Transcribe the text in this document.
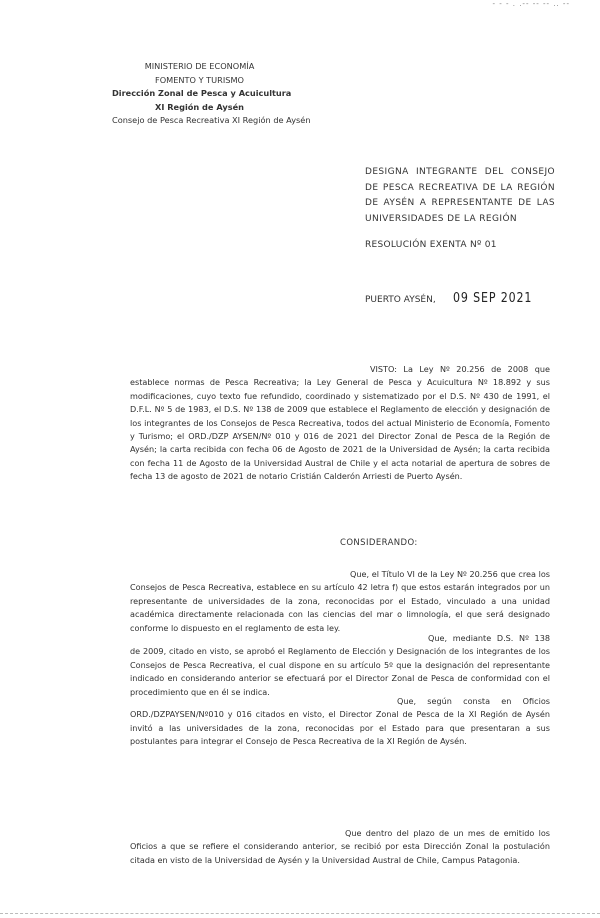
- - - . .-- -- -- .. --
MINISTERIO DE ECONOMÍA
FOMENTO Y TURISMO
Dirección Zonal de Pesca y Acuicultura
XI Región de Aysén
Consejo de Pesca Recreativa XI Región de Aysén
DESIGNA INTEGRANTE DEL CONSEJO DE PESCA RECREATIVA DE LA REGIÓN DE AYSÉN A REPRESENTANTE DE LAS UNIVERSIDADES DE LA REGIÓN
RESOLUCIÓN EXENTA Nº 01
PUERTO AYSÉN, 09 SEP 2021

VISTO: La Ley Nº 20.256 de 2008 que establece normas de Pesca Recreativa; la Ley General de Pesca y Acuicultura Nº 18.892 y sus modificaciones, cuyo texto fue refundido, coordinado y sistematizado por el D.S. Nº 430 de 1991, el D.F.L. Nº 5 de 1983, el D.S. Nº 138 de 2009 que establece el Reglamento de elección y designación de los integrantes de los Consejos de Pesca Recreativa, todos del actual Ministerio de Economía, Fomento y Turismo; el ORD./DZP AYSEN/Nº 010 y 016 de 2021 del Director Zonal de Pesca de la Región de Aysén; la carta recibida con fecha 06 de Agosto de 2021 de la Universidad de Aysén; la carta recibida con fecha 11 de Agosto de la Universidad Austral de Chile y el acta notarial de apertura de sobres de fecha 13 de agosto de 2021 de notario Cristián Calderón Arriesti de Puerto Aysén.

CONSIDERANDO:

Que, el Título VI de la Ley Nº 20.256 que crea los Consejos de Pesca Recreativa, establece en su artículo 42 letra f) que estos estarán integrados por un representante de universidades de la zona, reconocidas por el Estado, vinculado a una unidad académica directamente relacionada con las ciencias del mar o limnología, el que será designado conforme lo dispuesto en el reglamento de esta ley.

Que, mediante D.S. Nº 138 de 2009, citado en visto, se aprobó el Reglamento de Elección y Designación de los integrantes de los Consejos de Pesca Recreativa, el cual dispone en su artículo 5º que la designación del representante indicado en considerando anterior se efectuará por el Director Zonal de Pesca de conformidad con el procedimiento que en él se indica.

Que, según consta en Oficios ORD./DZPAYSEN/Nº010 y 016 citados en visto, el Director Zonal de Pesca de la XI Región de Aysén invitó a las universidades de la zona, reconocidas por el Estado para que presentaran a sus postulantes para integrar el Consejo de Pesca Recreativa de la XI Región de Aysén.

Que dentro del plazo de un mes de emitido los Oficios a que se refiere el considerando anterior, se recibió por esta Dirección Zonal la postulación citada en visto de la Universidad de Aysén y la Universidad Austral de Chile, Campus Patagonia.
